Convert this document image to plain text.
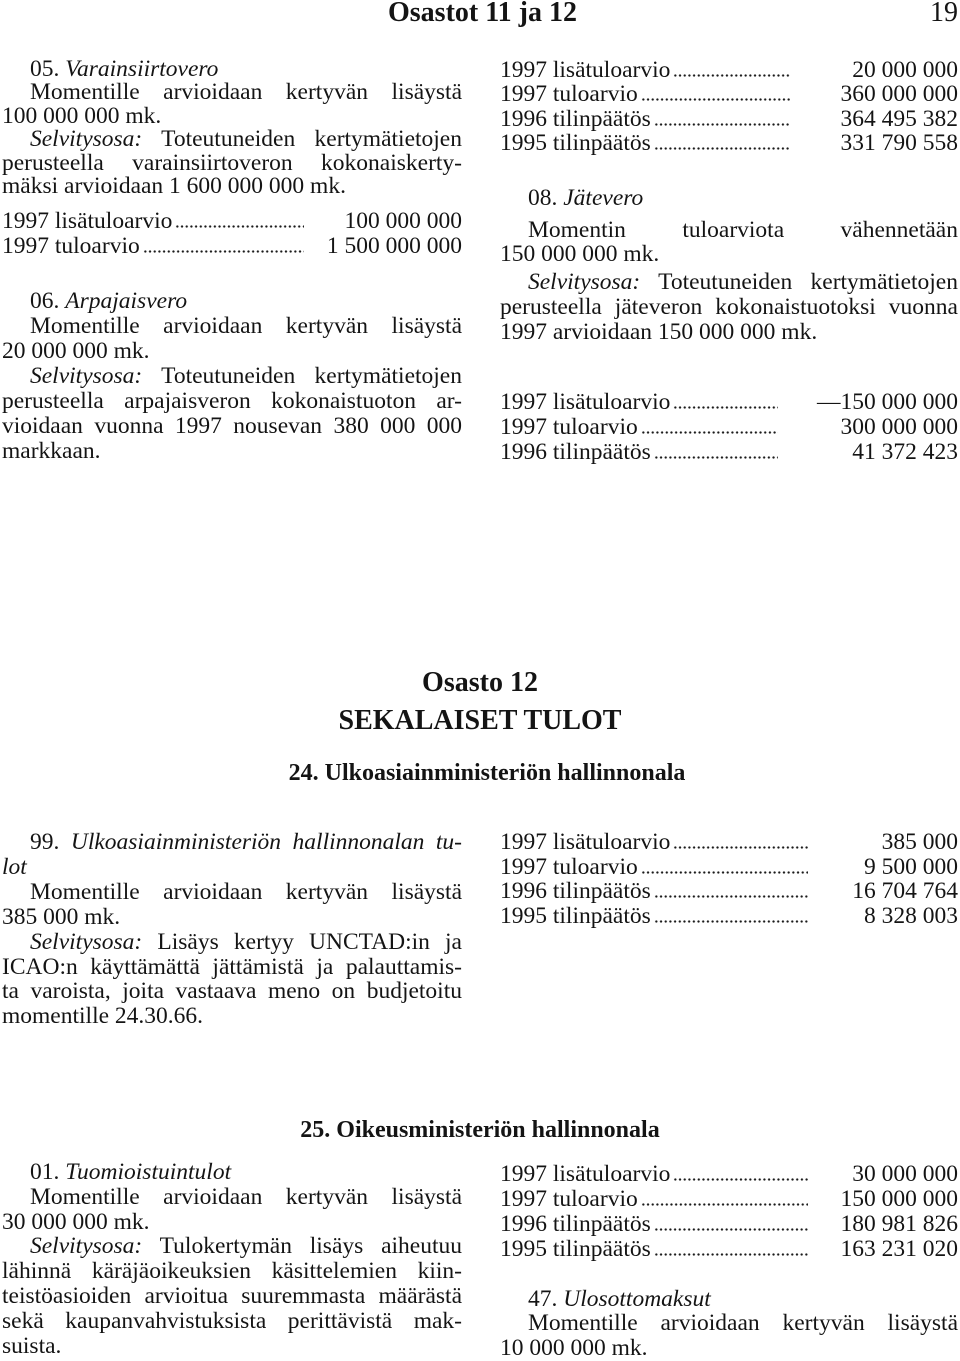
Osastot 11 ja 12	19
05. Varainsiirtovero
Momentille arvioidaan kertyvän lisäystä
100 000 000 mk.
Selvitysosa: Toteutuneiden kertymätietojen
perusteella varainsiirtoveron kokonaiskerty-
mäksi arvioidaan 1 600 000 000 mk.
1997 lisätuloarvio	100 000 000
1997 tuloarvio	1 500 000 000
06. Arpajaisvero
Momentille arvioidaan kertyvän lisäystä
20 000 000 mk.
Selvitysosa: Toteutuneiden kertymätietojen
perusteella arpajaisveron kokonaistuoton ar-
vioidaan vuonna 1997 nousevan 380 000 000
markkaan.
1997 lisätuloarvio	20 000 000
1997 tuloarvio	360 000 000
1996 tilinpäätös	364 495 382
1995 tilinpäätös	331 790 558
08. Jätevero
Momentin tuloarviota vähennetään
150 000 000 mk.
Selvitysosa: Toteutuneiden kertymätietojen
perusteella jäteveron kokonaistuotoksi vuonna
1997 arvioidaan 150 000 000 mk.
1997 lisätuloarvio	—150 000 000
1997 tuloarvio	300 000 000
1996 tilinpäätös	41 372 423
Osasto 12
SEKALAISET TULOT
24. Ulkoasiainministeriön hallinnonala
99. Ulkoasiainministeriön hallinnonalan tu-
lot
Momentille arvioidaan kertyvän lisäystä
385 000 mk.
Selvitysosa: Lisäys kertyy UNCTAD:in ja
ICAO:n käyttämättä jättämistä ja palauttamis-
ta varoista, joita vastaava meno on budjetoitu
momentille 24.30.66.
1997 lisätuloarvio	385 000
1997 tuloarvio	9 500 000
1996 tilinpäätös	16 704 764
1995 tilinpäätös	8 328 003
25. Oikeusministeriön hallinnonala
01. Tuomioistuintulot
Momentille arvioidaan kertyvän lisäystä
30 000 000 mk.
Selvitysosa: Tulokertymän lisäys aiheutuu
lähinnä käräjäoikeuksien käsittelemien kiin-
teistöasioiden arvioitua suuremmasta määrästä
sekä kaupanvahvistuksista perittävistä mak-
suista.
1997 lisätuloarvio	30 000 000
1997 tuloarvio	150 000 000
1996 tilinpäätös	180 981 826
1995 tilinpäätös	163 231 020
47. Ulosottomaksut
Momentille arvioidaan kertyvän lisäystä
10 000 000 mk.
